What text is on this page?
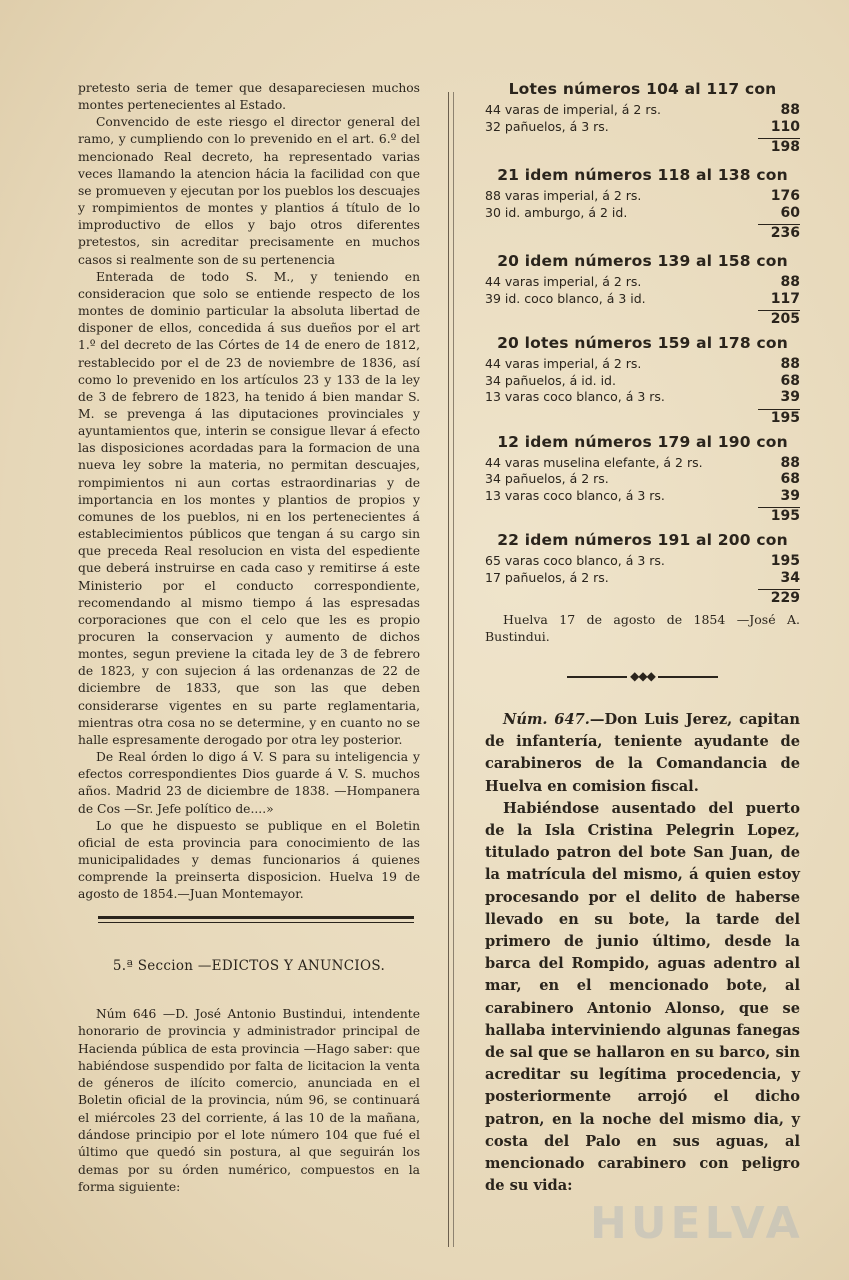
pretesto seria de temer que desapareciesen muchos montes pertenecientes al Estado.

Convencido de este riesgo el director general del ramo, y cumpliendo con lo prevenido en el art. 6.º del mencionado Real decreto, ha representado varias veces llamando la atencion hácia la facilidad con que se promueven y ejecutan por los pueblos los descuajes y rompimientos de montes y plantios á título de lo improductivo de ellos y bajo otros diferentes pretestos, sin acreditar precisamente en muchos casos si realmente son de su pertenencia

Enterada de todo S. M., y teniendo en consideracion que solo se entiende respecto de los montes de dominio particular la absoluta libertad de disponer de ellos, concedida á sus dueños por el art 1.º del decreto de las Córtes de 14 de enero de 1812, restablecido por el de 23 de noviembre de 1836, así como lo prevenido en los artículos 23 y 133 de la ley de 3 de febrero de 1823, ha tenido á bien mandar S. M. se prevenga á las diputaciones provinciales y ayuntamientos que, interin se consigue llevar á efecto las disposiciones acordadas para la formacion de una nueva ley sobre la materia, no permitan descuajes, rompimientos ni aun cortas estraordinarias y de importancia en los montes y plantios de propios y comunes de los pueblos, ni en los pertenecientes á establecimientos públicos que tengan á su cargo sin que preceda Real resolucion en vista del espediente que deberá instruirse en cada caso y remitirse á este Ministerio por el conducto correspondiente, recomendando al mismo tiempo á las espresadas corporaciones que con el celo que les es propio procuren la conservacion y aumento de dichos montes, segun previene la citada ley de 3 de febrero de 1823, y con sujecion á las ordenanzas de 22 de diciembre de 1833, que son las que deben considerarse vigentes en su parte reglamentaria, mientras otra cosa no se determine, y en cuanto no se halle espresamente derogado por otra ley posterior.

De Real órden lo digo á V. S para su inteligencia y efectos correspondientes Dios guarde á V. S. muchos años. Madrid 23 de diciembre de 1838. —Hompanera de Cos —Sr. Jefe político de....»

Lo que he dispuesto se publique en el Boletin oficial de esta provincia para conocimiento de las municipalidades y demas funcionarios á quienes comprende la preinserta disposicion. Huelva 19 de agosto de 1854.—Juan Montemayor.

5.ª Seccion —EDICTOS Y ANUNCIOS.

Núm 646 —D. José Antonio Bustindui, intendente honorario de provincia y administrador principal de Hacienda pública de esta provincia —Hago saber: que habiéndose suspendido por falta de licitacion la venta de géneros de ilícito comercio, anunciada en el Boletin oficial de la provincia, núm 96, se continuará el miércoles 23 del corriente, á las 10 de la mañana, dándose principio por el lote número 104 que fué el último que quedó sin postura, al que seguirán los demas por su órden numérico, compuestos en la forma siguiente:

Lotes números 104 al 117 con
44 varas de imperial, á 2 rs.	88
32 pañuelos, á 3 rs.	110
198
21 idem números 118 al 138 con
88 varas imperial, á 2 rs.	176
30 id. amburgo, á 2 id.	60
236
20 idem números 139 al 158 con
44 varas imperial, á 2 rs.	88
39 id. coco blanco, á 3 id.	117
205
20 lotes números 159 al 178 con
44 varas imperial, á 2 rs.	88
34 pañuelos, á id. id.	68
13 varas coco blanco, á 3 rs.	39
195
12 idem números 179 al 190 con
44 varas muselina elefante, á 2 rs.	88
34 pañuelos, á 2 rs.	68
13 varas coco blanco, á 3 rs.	39
195
22 idem números 191 al 200 con
65 varas coco blanco, á 3 rs.	195
17 pañuelos, á 2 rs.	34
229
Huelva 17 de agosto de 1854 —José A. Bustindui.
◆◆◆

Núm. 647.—Don Luis Jerez, capitan de infantería, teniente ayudante de carabineros de la Comandancia de Huelva en comision fiscal.

Habiéndose ausentado del puerto de la Isla Cristina Pelegrin Lopez, titulado patron del bote San Juan, de la matrícula del mismo, á quien estoy procesando por el delito de haberse llevado en su bote, la tarde del primero de junio último, desde la barca del Rompido, aguas adentro al mar, en el mencionado bote, al carabinero Antonio Alonso, que se hallaba interviniendo algunas fanegas de sal que se hallaron en su barco, sin acreditar su legítima procedencia, y posteriormente arrojó el dicho patron, en la noche del mismo dia, y costa del Palo en sus aguas, al mencionado carabinero con peligro de su vida:

HUELVA
